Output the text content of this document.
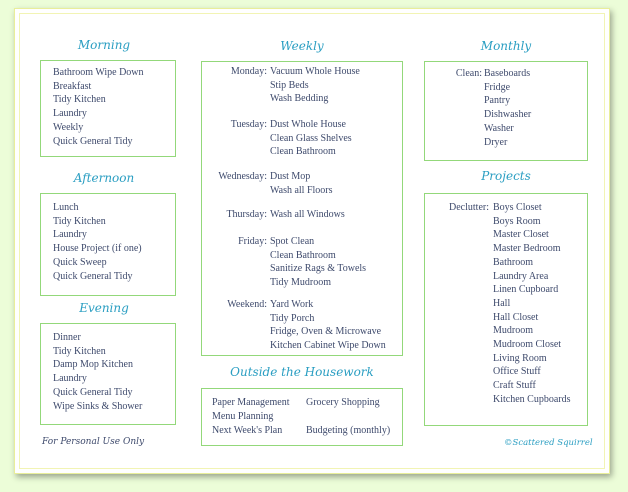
Morning
Bathroom Wipe Down
Breakfast
Tidy Kitchen
Laundry
Weekly
Quick General Tidy
Afternoon
Lunch
Tidy Kitchen
Laundry
House Project (if one)
Quick Sweep
Quick General Tidy
Evening
Dinner
Tidy Kitchen
Damp Mop Kitchen
Laundry
Quick General Tidy
Wipe Sinks & Shower
Weekly
Monday: Vacuum Whole House
Stip Beds
Wash Bedding
Tuesday: Dust Whole House
Clean Glass Shelves
Clean Bathroom
Wednesday: Dust Mop
Wash all Floors
Thursday: Wash all Windows
Friday: Spot Clean
Clean Bathroom
Sanitize Rags & Towels
Tidy Mudroom
Weekend: Yard Work
Tidy Porch
Fridge, Oven & Microwave
Kitchen Cabinet Wipe Down
Outside the Housework
Paper Management
Menu Planning
Next Week's Plan
Grocery Shopping
Budgeting (monthly)
Monthly
Clean: Baseboards
Fridge
Pantry
Dishwasher
Washer
Dryer
Projects
Declutter: Boys Closet
Boys Room
Master Closet
Master Bedroom
Bathroom
Laundry Area
Linen Cupboard
Hall
Hall Closet
Mudroom
Mudroom Closet
Living Room
Office Stuff
Craft Stuff
Kitchen Cupboards
For Personal Use Only	©Scattered Squirrel
